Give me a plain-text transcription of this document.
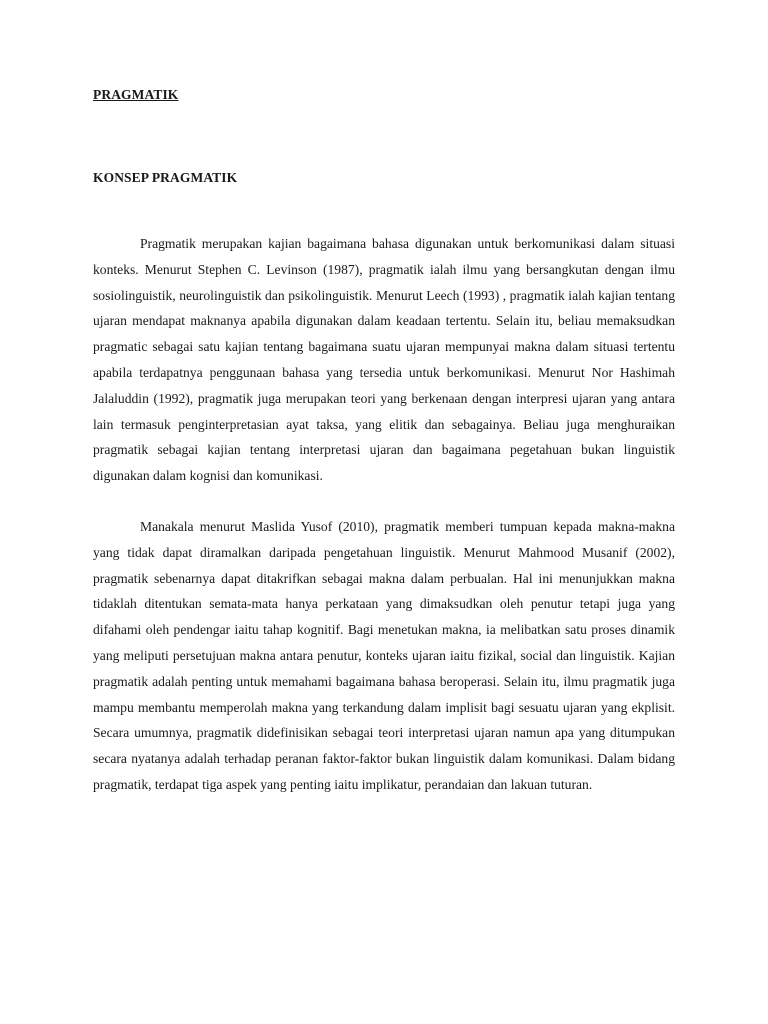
PRAGMATIK
KONSEP PRAGMATIK

Pragmatik merupakan kajian bagaimana bahasa digunakan untuk berkomunikasi dalam situasi konteks. Menurut Stephen C. Levinson (1987), pragmatik ialah ilmu yang bersangkutan dengan ilmu sosiolinguistik, neurolinguistik dan psikolinguistik. Menurut Leech (1993) , pragmatik ialah kajian tentang ujaran mendapat maknanya apabila digunakan dalam keadaan tertentu. Selain itu, beliau memaksudkan pragmatic sebagai satu kajian tentang bagaimana suatu ujaran mempunyai makna dalam situasi tertentu apabila terdapatnya penggunaan bahasa yang tersedia untuk berkomunikasi. Menurut Nor Hashimah Jalaluddin (1992), pragmatik juga merupakan teori yang berkenaan dengan interpresi ujaran yang antara lain termasuk penginterpretasian ayat taksa, yang elitik dan sebagainya. Beliau juga menghuraikan pragmatik sebagai kajian tentang interpretasi ujaran dan bagaimana pegetahuan bukan linguistik digunakan dalam kognisi dan komunikasi.

Manakala menurut Maslida Yusof (2010), pragmatik memberi tumpuan kepada makna-makna yang tidak dapat diramalkan daripada pengetahuan linguistik. Menurut Mahmood Musanif (2002), pragmatik sebenarnya dapat ditakrifkan sebagai makna dalam perbualan. Hal ini menunjukkan makna tidaklah ditentukan semata-mata hanya perkataan yang dimaksudkan oleh penutur tetapi juga yang difahami oleh pendengar iaitu tahap kognitif. Bagi menetukan makna, ia melibatkan satu proses dinamik yang meliputi persetujuan makna antara penutur, konteks ujaran iaitu fizikal, social dan linguistik. Kajian pragmatik adalah penting untuk memahami bagaimana bahasa beroperasi. Selain itu, ilmu pragmatik juga mampu membantu memperolah makna yang terkandung dalam implisit bagi sesuatu ujaran yang ekplisit. Secara umumnya, pragmatik didefinisikan sebagai teori interpretasi ujaran namun apa yang ditumpukan secara nyatanya adalah terhadap peranan faktor-faktor bukan linguistik dalam komunikasi. Dalam bidang pragmatik, terdapat tiga aspek yang penting iaitu implikatur, perandaian dan lakuan tuturan.
